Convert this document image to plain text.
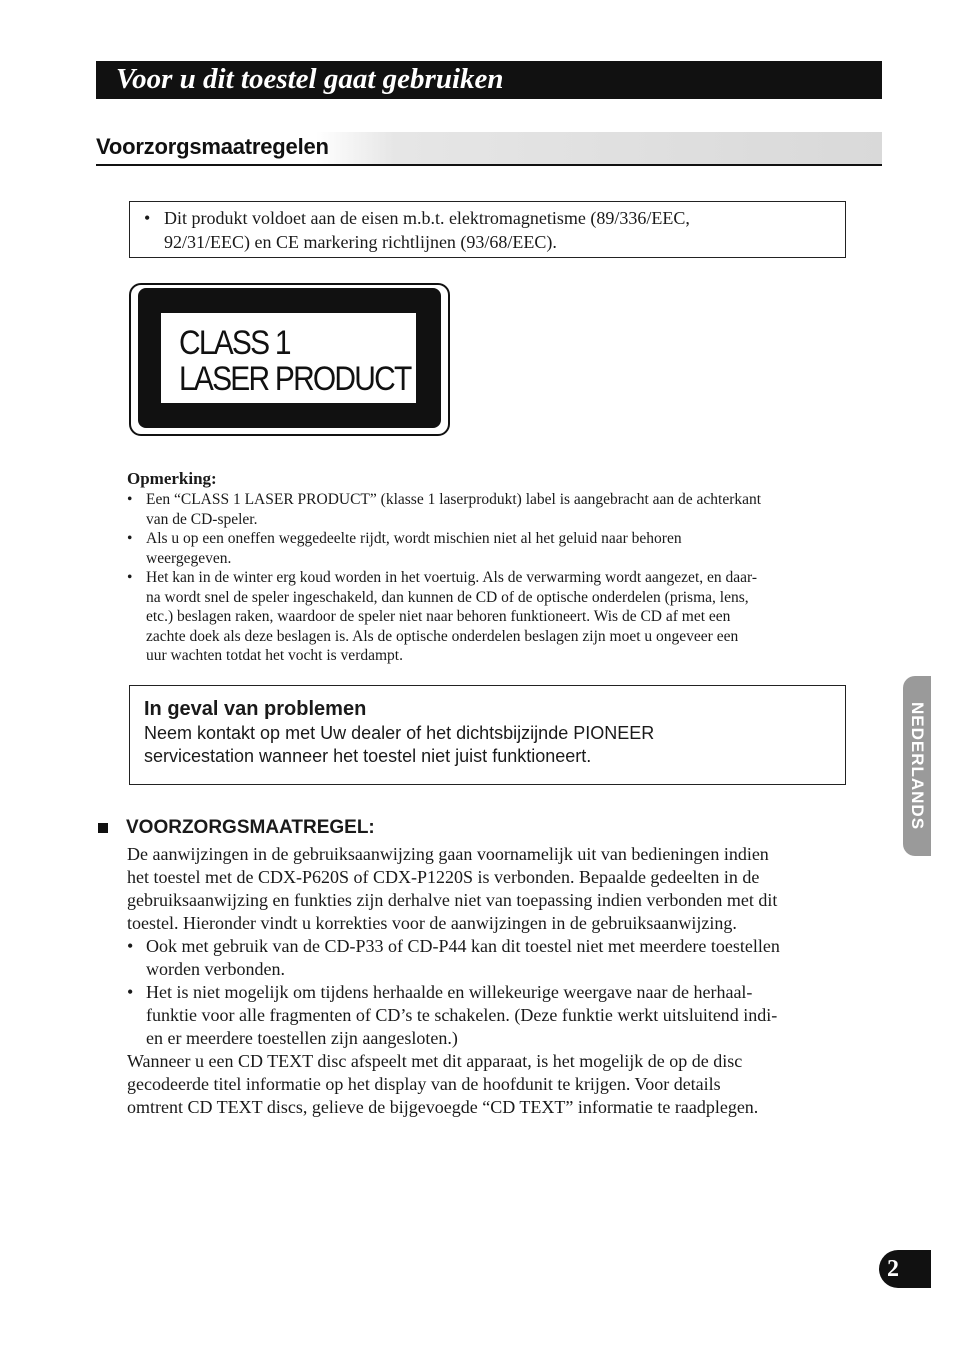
Voor u dit toestel gaat gebruiken
Voorzorgsmaatregelen
• Dit produkt voldoet aan de eisen m.b.t. elektromagnetisme (89/336/EEC,
92/31/EEC) en CE markering richtlijnen (93/68/EEC).
CLASS 1
LASER PRODUCT
Opmerking:
• Een “CLASS 1 LASER PRODUCT” (klasse 1 laserprodukt) label is aangebracht aan de achterkant
van de CD-speler.
• Als u op een oneffen weggedeelte rijdt, wordt mischien niet al het geluid naar behoren
weergegeven.
• Het kan in de winter erg koud worden in het voertuig. Als de verwarming wordt aangezet, en daar-
na wordt snel de speler ingeschakeld, dan kunnen de CD of de optische onderdelen (prisma, lens,
etc.) beslagen raken, waardoor de speler niet naar behoren funktioneert. Wis de CD af met een
zachte doek als deze beslagen is. Als de optische onderdelen beslagen zijn moet u ongeveer een
uur wachten totdat het vocht is verdampt.
In geval van problemen
Neem kontakt op met Uw dealer of het dichtsbijzijnde PIONEER
servicestation wanneer het toestel niet juist funktioneert.
VOORZORGSMAATREGEL:
De aanwijzingen in de gebruiksaanwijzing gaan voornamelijk uit van bedieningen indien
het toestel met de CDX-P620S of CDX-P1220S is verbonden. Bepaalde gedeelten in de
gebruiksaanwijzing en funkties zijn derhalve niet van toepassing indien verbonden met dit
toestel. Hieronder vindt u korrekties voor de aanwijzingen in de gebruiksaanwijzing.
• Ook met gebruik van de CD-P33 of CD-P44 kan dit toestel niet met meerdere toestellen
worden verbonden.
• Het is niet mogelijk om tijdens herhaalde en willekeurige weergave naar de herhaal-
funktie voor alle fragmenten of CD’s te schakelen. (Deze funktie werkt uitsluitend indi-
en er meerdere toestellen zijn aangesloten.)
Wanneer u een CD TEXT disc afspeelt met dit apparaat, is het mogelijk de op de disc
gecodeerde titel informatie op het display van de hoofdunit te krijgen. Voor details
omtrent CD TEXT discs, gelieve de bijgevoegde “CD TEXT” informatie te raadplegen.
NEDERLANDS
2
